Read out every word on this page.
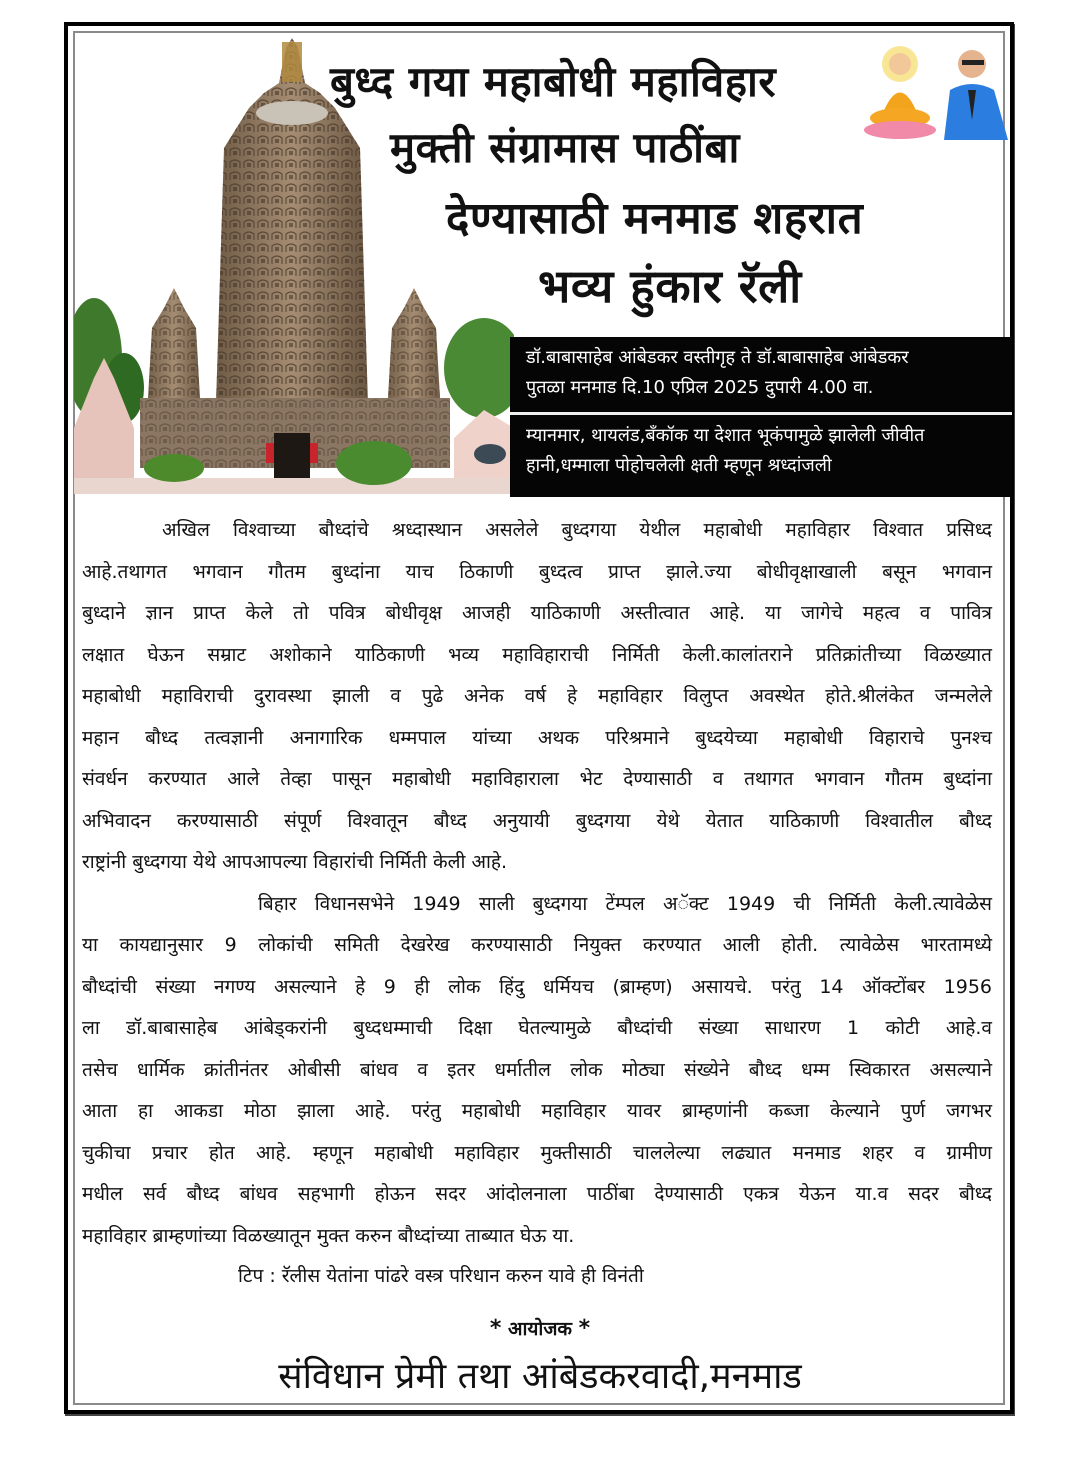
बुध्द गया महाबोधी महाविहार
मुक्ती संग्रामास पाठींबा
देण्यासाठी मनमाड शहरात
भव्य हुंकार रॅली
डॉ.बाबासाहेब आंबेडकर वस्तीगृह ते डॉ.बाबासाहेब आंबेडकर
पुतळा मनमाड दि.10 एप्रिल 2025 दुपारी 4.00 वा.
म्यानमार, थायलंड,बँकॉक या देशात भूकंपामुळे झालेली जीवीत
हानी,धम्माला पोहोचलेली क्षती म्हणून श्रध्दांजली
अखिल विश्वाच्या बौध्दांचे श्रध्दास्थान असलेले बुध्दगया येथील महाबोधी महाविहार विश्वात प्रसिध्द
आहे.तथागत भगवान गौतम बुध्दांना याच ठिकाणी बुध्दत्व प्राप्त झाले.ज्या बोधीवृक्षाखाली बसून भगवान
बुध्दाने ज्ञान प्राप्त केले तो पवित्र बोधीवृक्ष आजही याठिकाणी अस्तीत्वात आहे. या जागेचे महत्व व पावित्र
लक्षात घेऊन सम्राट अशोकाने याठिकाणी भव्य महाविहाराची निर्मिती केली.कालांतराने प्रतिक्रांतीच्या विळख्यात
महाबोधी महाविराची दुरावस्था झाली व पुढे अनेक वर्ष हे महाविहार विलुप्त अवस्थेत होते.श्रीलंकेत जन्मलेले
महान बौध्द तत्वज्ञानी अनागारिक धम्मपाल यांच्या अथक परिश्रमाने बुध्दयेच्या महाबोधी विहाराचे पुनश्च
संवर्धन करण्यात आले तेव्हा पासून महाबोधी महाविहाराला भेट देण्यासाठी व तथागत भगवान गौतम बुध्दांना
अभिवादन करण्यासाठी संपूर्ण विश्वातून बौध्द अनुयायी बुध्दगया येथे येतात याठिकाणी विश्वातील बौध्द
राष्ट्रांनी बुध्दगया येथे आपआपल्या विहारांची निर्मिती केली आहे.
बिहार विधानसभेने 1949 साली बुध्दगया टेंम्पल अॅक्ट 1949 ची निर्मिती केली.त्यावेळेस
या कायद्यानुसार 9 लोकांची समिती देखरेख करण्यासाठी नियुक्त करण्यात आली होती. त्यावेळेस भारतामध्ये
बौध्दांची संख्या नगण्य असल्याने हे 9 ही लोक हिंदु धर्मियच (ब्राम्हण) असायचे. परंतु 14 ऑक्टोंबर 1956
ला डॉ.बाबासाहेब आंबेड्करांनी बुध्दधम्माची दिक्षा घेतल्यामुळे बौध्दांची संख्या साधारण 1 कोटी आहे.व
तसेच धार्मिक क्रांतीनंतर ओबीसी बांधव व इतर धर्मातील लोक मोठ्या संख्येने बौध्द धम्म स्विकारत असल्याने
आता हा आकडा मोठा झाला आहे. परंतु महाबोधी महाविहार यावर ब्राम्हणांनी कब्जा केल्याने पुर्ण जगभर
चुकीचा प्रचार होत आहे. म्हणून महाबोधी महाविहार मुक्तीसाठी चाललेल्या लढ्यात मनमाड शहर व ग्रामीण
मधील सर्व बौध्द बांधव सहभागी होऊन सदर आंदोलनाला पाठींबा देण्यासाठी एकत्र येऊन या.व सदर बौध्द
महाविहार ब्राम्हणांच्या विळख्यातून मुक्त करुन बौध्दांच्या ताब्यात घेऊ या.
टिप : रॅलीस येतांना पांढरे वस्त्र परिधान करुन यावे ही विनंती
* आयोजक *
संविधान प्रेमी तथा आंबेडकरवादी,मनमाड
